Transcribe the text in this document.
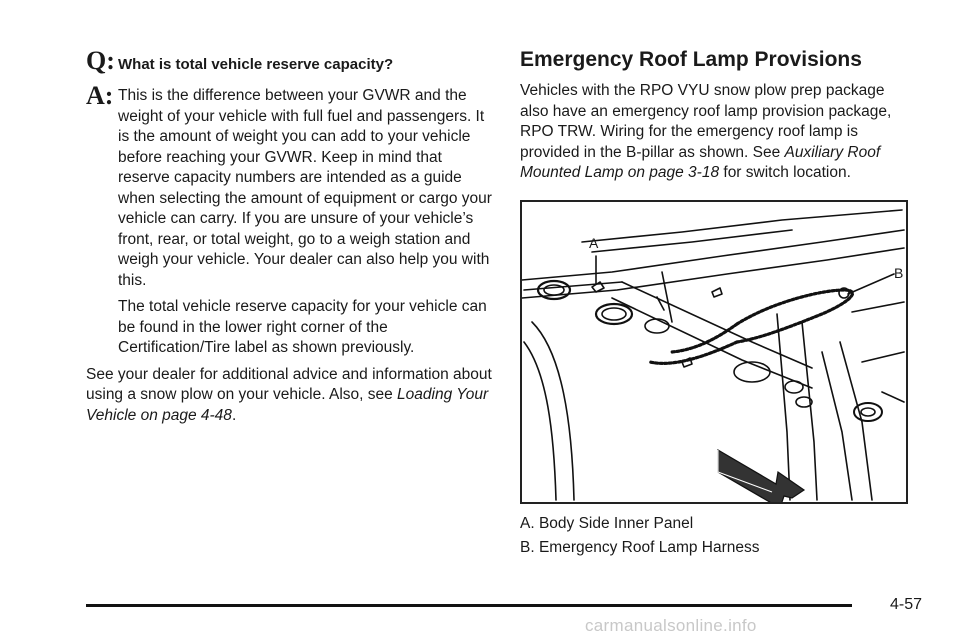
Q: What is total vehicle reserve capacity?
A: This is the difference between your GVWR and the weight of your vehicle with full fuel and passengers. It is the amount of weight you can add to your vehicle before reaching your GVWR. Keep in mind that reserve capacity numbers are intended as a guide when selecting the amount of equipment or cargo your vehicle can carry. If you are unsure of your vehicle’s front, rear, or total weight, go to a weigh station and weigh your vehicle. Your dealer can also help you with this.

The total vehicle reserve capacity for your vehicle can be found in the lower right corner of the Certification/Tire label as shown previously.

See your dealer for additional advice and information about using a snow plow on your vehicle. Also, see Loading Your Vehicle on page 4-48.

Emergency Roof Lamp Provisions
Vehicles with the RPO VYU snow plow prep package also have an emergency roof lamp provision package, RPO TRW. Wiring for the emergency roof lamp is provided in the B-pillar as shown. See Auxiliary Roof Mounted Lamp on page 3-18 for switch location.
A
B
A. Body Side Inner Panel
B. Emergency Roof Lamp Harness
4-57
carmanualsonline.info
